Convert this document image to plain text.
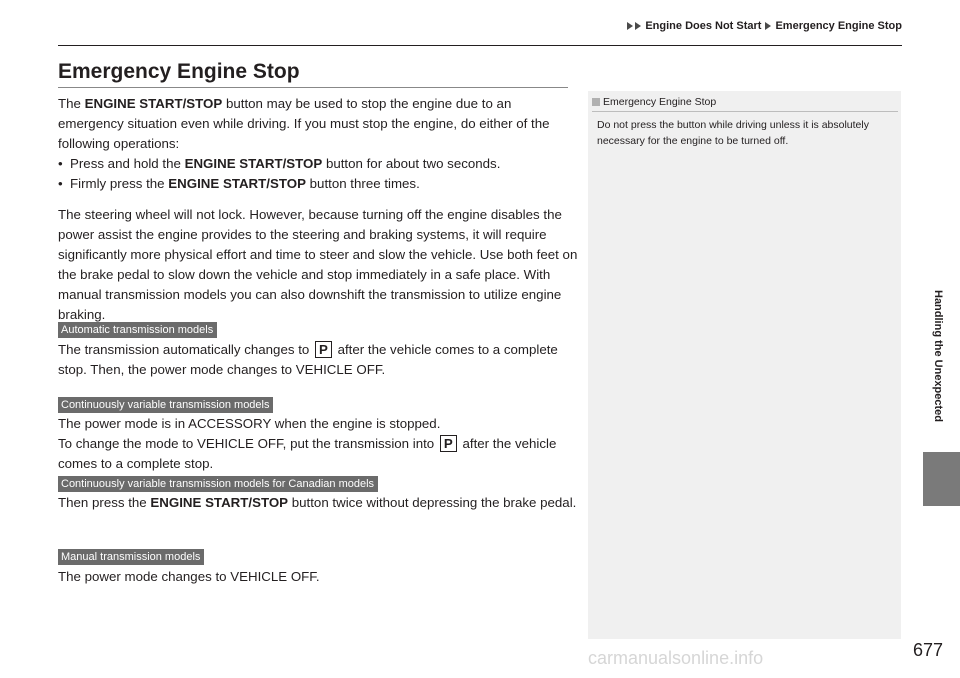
Engine Does Not Start Emergency Engine Stop
Emergency Engine Stop

The ENGINE START/STOP button may be used to stop the engine due to an emergency situation even while driving. If you must stop the engine, do either of the following operations:

• Press and hold the ENGINE START/STOP button for about two seconds.

• Firmly press the ENGINE START/STOP button three times.

The steering wheel will not lock. However, because turning off the engine disables the power assist the engine provides to the steering and braking systems, it will require significantly more physical effort and time to steer and slow the vehicle. Use both feet on the brake pedal to slow down the vehicle and stop immediately in a safe place. With manual transmission models you can also downshift the transmission to utilize engine braking.
Automatic transmission models
The transmission automatically changes to P after the vehicle comes to a complete stop. Then, the power mode changes to VEHICLE OFF.
Continuously variable transmission models

The power mode is in ACCESSORY when the engine is stopped.

To change the mode to VEHICLE OFF, put the transmission into P after the vehicle comes to a complete stop.

Continuously variable transmission models for Canadian models
Then press the ENGINE START/STOP button twice without depressing the brake pedal.
Manual transmission models
The power mode changes to VEHICLE OFF.
Emergency Engine Stop
Do not press the button while driving unless it is absolutely necessary for the engine to be turned off.
Handling the Unexpected
carmanualsonline.info	677
